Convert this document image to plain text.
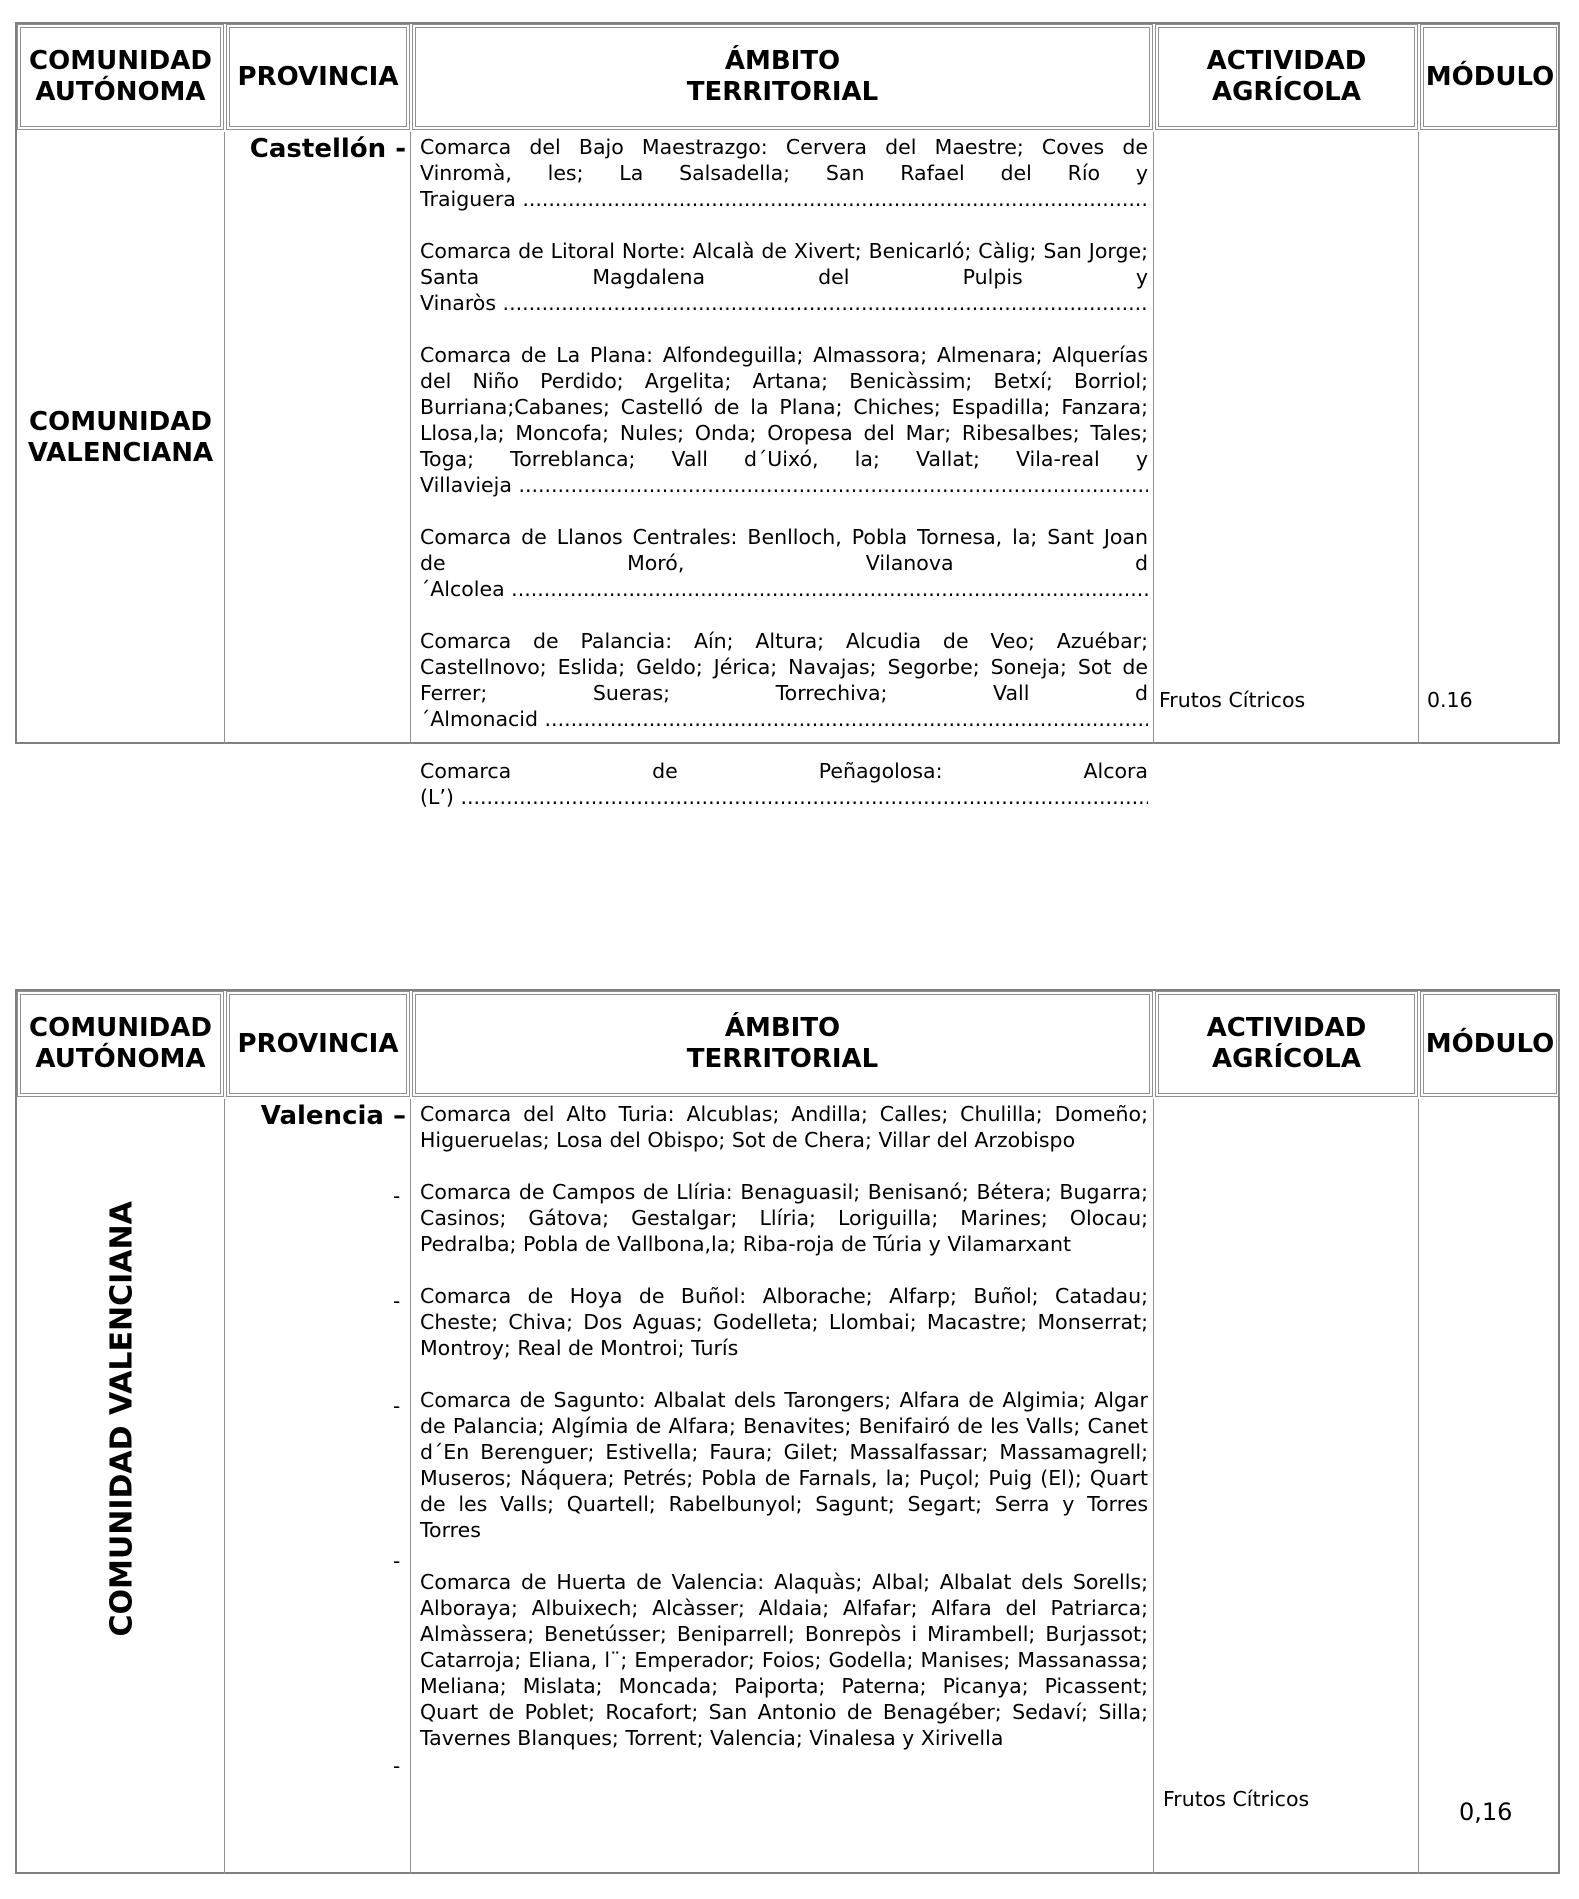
COMUNIDAD
AUTÓNOMA
PROVINCIA
ÁMBITO
TERRITORIAL
ACTIVIDAD
AGRÍCOLA
MÓDULO
COMUNIDAD
VALENCIANA
Castellón - Comarca del Bajo Maestrazgo: Cervera del Maestre; Coves de Vinromà, les; La Salsadella; San Rafael del Río y Traiguera .....

Comarca de Litoral Norte: Alcalà de Xivert; Benicarló; Càlig; San Jorge; Santa Magdalena del Pulpis y Vinaròs .....

Comarca de La Plana: Alfondeguilla; Almassora; Almenara; Alquerías del Niño Perdido; Argelita; Artana; Benicàssim; Betxí; Borriol; Burriana;Cabanes; Castelló de la Plana; Chiches; Espadilla; Fanzara; Llosa,la; Moncofa; Nules; Onda; Oropesa del Mar; Ribesalbes; Tales; Toga; Torreblanca; Vall d´Uixó, la; Vallat; Vila-real y Villavieja .....

Comarca de Llanos Centrales: Benlloch, Pobla Tornesa, la; Sant Joan de Moró, Vilanova d´Alcolea .....

Comarca de Palancia: Aín; Altura; Alcudia de Veo; Azuébar; Castellnovo; Eslida; Geldo; Jérica; Navajas; Segorbe; Soneja; Sot de Ferrer; Sueras; Torrechiva; Vall d´Almonacid .....

Comarca de Peñagolosa: Alcora (L’) .....

Frutos Cítricos	0.16
COMUNIDAD
AUTÓNOMA
PROVINCIA
ÁMBITO
TERRITORIAL
ACTIVIDAD
AGRÍCOLA
MÓDULO
COMUNIDAD VALENCIANA
Valencia –
-
-
-
-
-

Comarca del Alto Turia: Alcublas; Andilla; Calles; Chulilla; Domeño; Higueruelas; Losa del Obispo; Sot de Chera; Villar del Arzobispo

Comarca de Campos de Llíria: Benaguasil; Benisanó; Bétera; Bugarra; Casinos; Gátova; Gestalgar; Llíria; Loriguilla; Marines; Olocau; Pedralba; Pobla de Vallbona,la; Riba-roja de Túria y Vilamarxant

Comarca de Hoya de Buñol: Alborache; Alfarp; Buñol; Catadau; Cheste; Chiva; Dos Aguas; Godelleta; Llombai; Macastre; Monserrat; Montroy; Real de Montroi; Turís

Comarca de Sagunto: Albalat dels Tarongers; Alfara de Algimia; Algar de Palancia; Algímia de Alfara; Benavites; Benifairó de les Valls; Canet d´En Berenguer; Estivella; Faura; Gilet; Massalfassar; Massamagrell; Museros; Náquera; Petrés; Pobla de Farnals, la; Puçol; Puig (El); Quart de les Valls; Quartell; Rabelbunyol; Sagunt; Segart; Serra y Torres Torres

Comarca de Huerta de Valencia: Alaquàs; Albal; Albalat dels Sorells; Alboraya; Albuixech; Alcàsser; Aldaia; Alfafar; Alfara del Patriarca; Almàssera; Benetússer; Beniparrell; Bonrepòs i Mirambell; Burjassot; Catarroja; Eliana, l¨; Emperador; Foios; Godella; Manises; Massanassa; Meliana; Mislata; Moncada; Paiporta; Paterna; Picanya; Picassent; Quart de Poblet; Rocafort; San Antonio de Benagéber; Sedaví; Silla; Tavernes Blanques; Torrent; Valencia; Vinalesa y Xirivella

Frutos Cítricos	0,16
